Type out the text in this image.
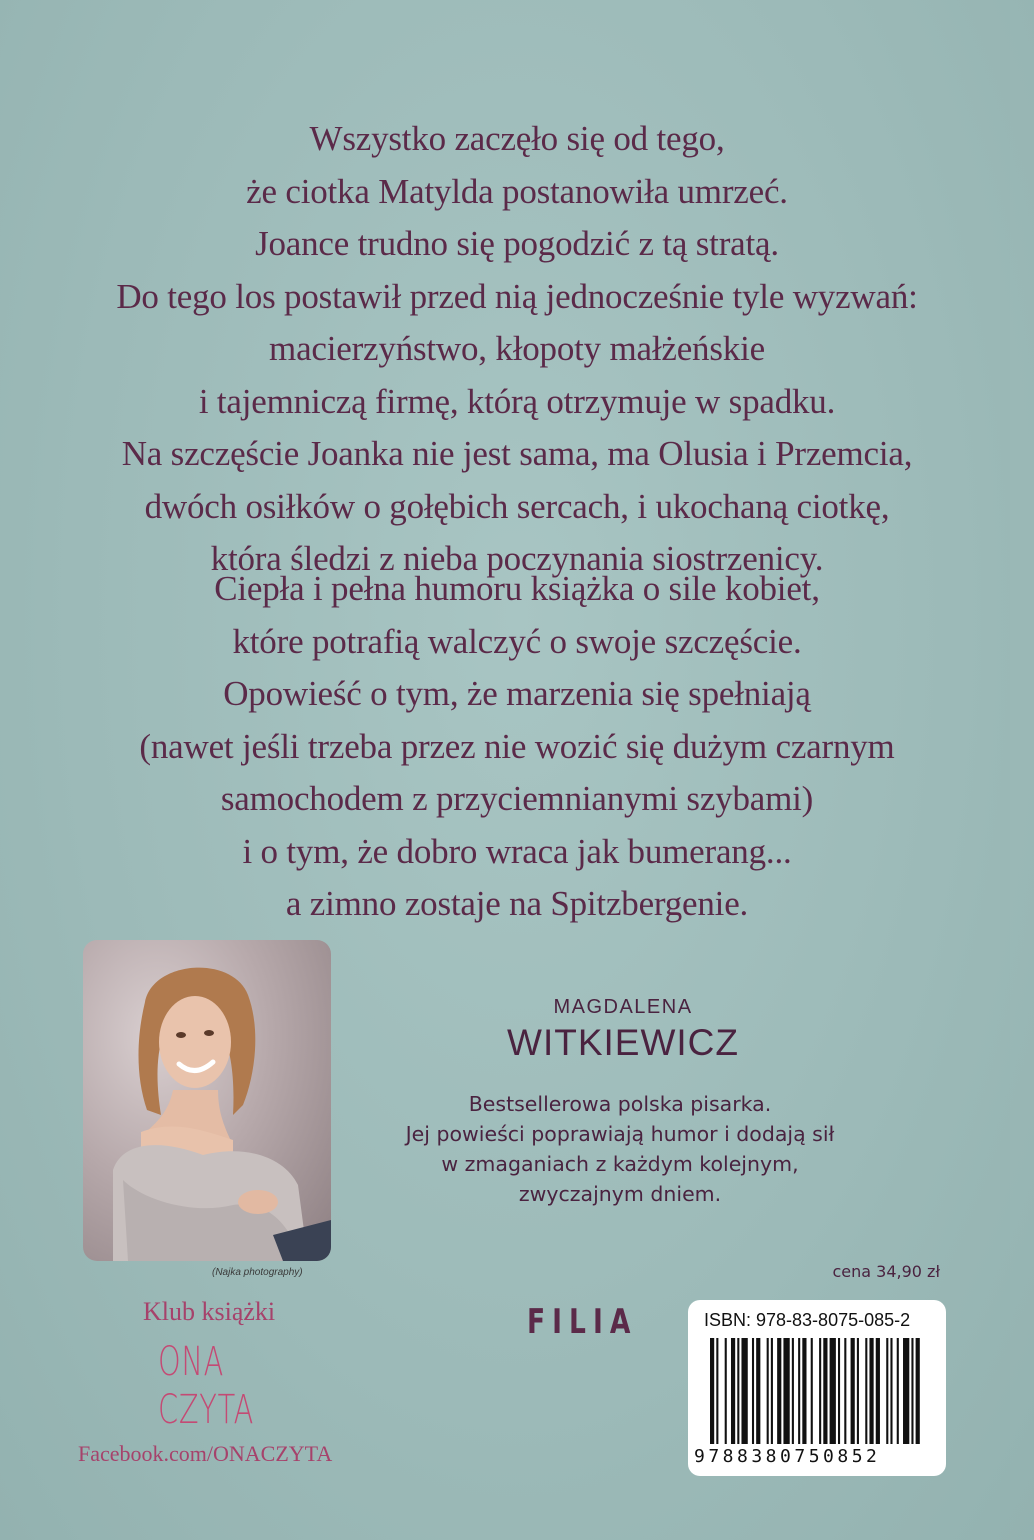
Wszystko zaczęło się od tego,
że ciotka Matylda postanowiła umrzeć.
Joance trudno się pogodzić z tą stratą.
Do tego los postawił przed nią jednocześnie tyle wyzwań:
macierzyństwo, kłopoty małżeńskie
i tajemniczą firmę, którą otrzymuje w spadku.
Na szczęście Joanka nie jest sama, ma Olusia i Przemcia,
dwóch osiłków o gołębich sercach, i ukochaną ciotkę,
która śledzi z nieba poczynania siostrzenicy.
Ciepła i pełna humoru książka o sile kobiet,
które potrafią walczyć o swoje szczęście.
Opowieść o tym, że marzenia się spełniają
(nawet jeśli trzeba przez nie wozić się dużym czarnym
samochodem z przyciemnianymi szybami)
i o tym, że dobro wraca jak bumerang...
a zimno zostaje na Spitzbergenie.
(Najka photography)
MAGDALENA
WITKIEWICZ
Bestsellerowa polska pisarka.
Jej powieści poprawiają humor i dodają sił
w zmaganiach z każdym kolejnym,
zwyczajnym dniem.
cena 34,90 zł
FILIA
Klub książki
ONA
CZYTA
Facebook.com/ONACZYTA
ISBN: 978-83-8075-085-2
9788380750852
